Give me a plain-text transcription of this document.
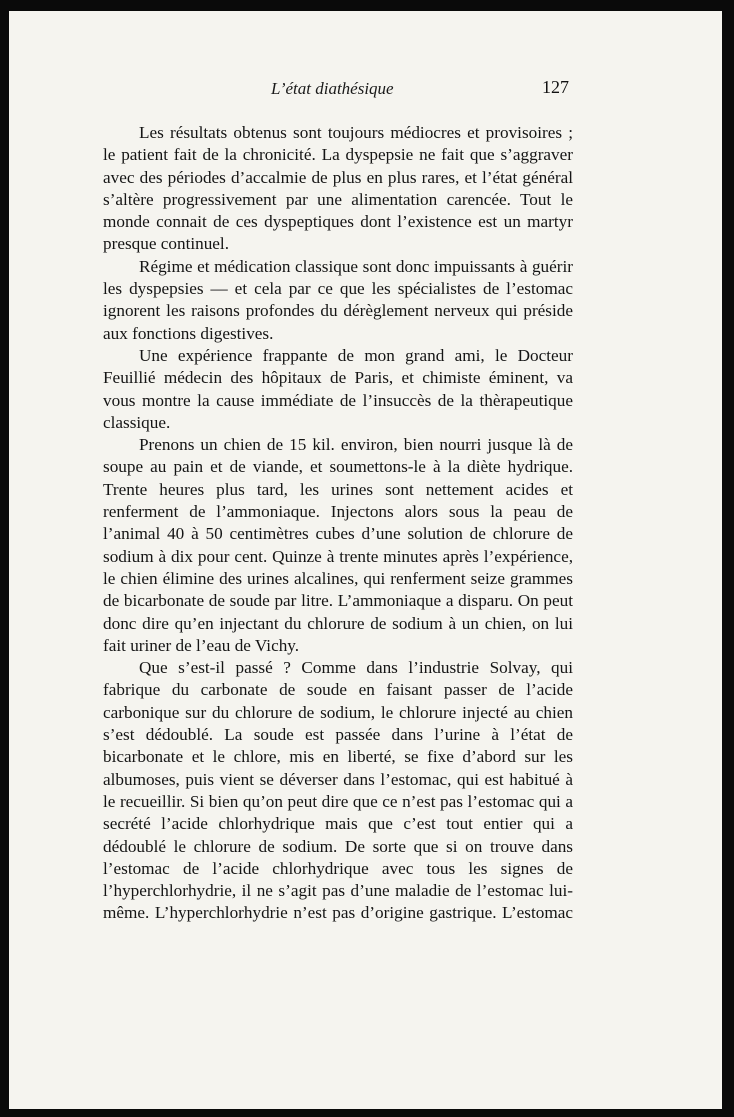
L’état diathésique	127

Les résultats obtenus sont toujours médiocres et provisoires ; le patient fait de la chronicité. La dyspepsie ne fait que s’aggraver avec des périodes d’accalmie de plus en plus rares, et l’état général s’altère progressivement par une alimentation carencée. Tout le monde connait de ces dyspeptiques dont l’existence est un martyr presque continuel.

Régime et médication classique sont donc impuissants à guérir les dyspepsies — et cela par ce que les spécialistes de l’estomac ignorent les raisons profondes du dérèglement nerveux qui préside aux fonctions digestives.

Une expérience frappante de mon grand ami, le Docteur Feuillié médecin des hôpitaux de Paris, et chimiste éminent, va vous montre la cause immédiate de l’insuccès de la thèrapeutique classique.

Prenons un chien de 15 kil. environ, bien nourri jusque là de soupe au pain et de viande, et soumettons-le à la diète hydrique. Trente heures plus tard, les urines sont nettement acides et renferment de l’ammoniaque. Injectons alors sous la peau de l’animal 40 à 50 centimètres cubes d’une solution de chlorure de sodium à dix pour cent. Quinze à trente minutes après l’expérience, le chien élimine des urines alcalines, qui renferment seize grammes de bicarbonate de soude par litre. L’ammoniaque a disparu. On peut donc dire qu’en injectant du chlorure de sodium à un chien, on lui fait uriner de l’eau de Vichy.

Que s’est-il passé ? Comme dans l’industrie Solvay, qui fabrique du carbonate de soude en faisant passer de l’acide carbonique sur du chlorure de sodium, le chlorure injecté au chien s’est dédoublé. La soude est passée dans l’urine à l’état de bicarbonate et le chlore, mis en liberté, se fixe d’abord sur les albumoses, puis vient se déverser dans l’estomac, qui est habitué à le recueillir. Si bien qu’on peut dire que ce n’est pas l’estomac qui a secrété l’acide chlorhydrique mais que c’est tout entier qui a dédoublé le chlorure de sodium. De sorte que si on trouve dans l’estomac de l’acide chlorhydrique avec tous les signes de l’hyperchlorhydrie, il ne s’agit pas d’une maladie de l’estomac lui-même. L’hyperchlorhydrie n’est pas d’origine gastrique. L’estomac
